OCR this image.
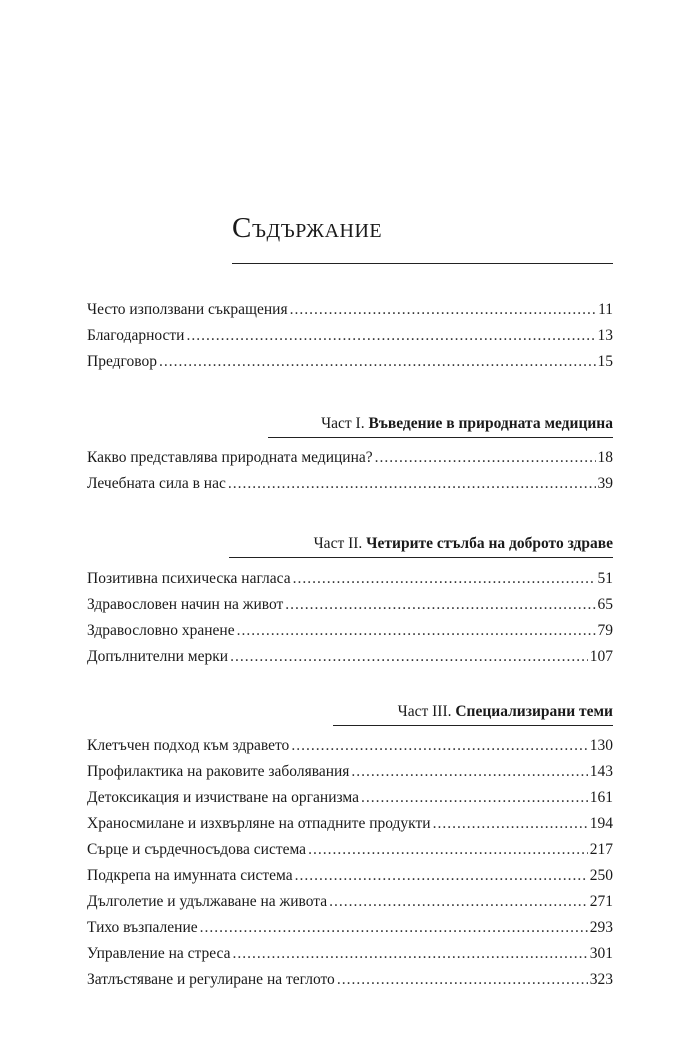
Съдържание
Често използвани съкращения .....	11
Благодарности .....	13
Предговор .....	15
Какво представлява природната медицина? .....	18
Лечебната сила в нас .....	39
Позитивна психическа нагласа .....	51
Здравословен начин на живот .....	65
Здравословно хранене .....	79
Допълнителни мерки .....	107
Клетъчен подход към здравето .....	130
Профилактика на раковите заболявания .....	143
Детоксикация и изчистване на организма .....	161
Храносмилане и изхвърляне на отпадните продукти .....	194
Сърце и сърдечносъдова система .....	217
Подкрепа на имунната система .....	250
Дълголетие и удължаване на живота .....	271
Тихо възпаление .....	293
Управление на стреса .....	301
Затлъстяване и регулиране на теглото .....	323
Част I. Въведение в природната медицина
Част II. Четирите стълба на доброто здраве
Част III. Специализирани теми
